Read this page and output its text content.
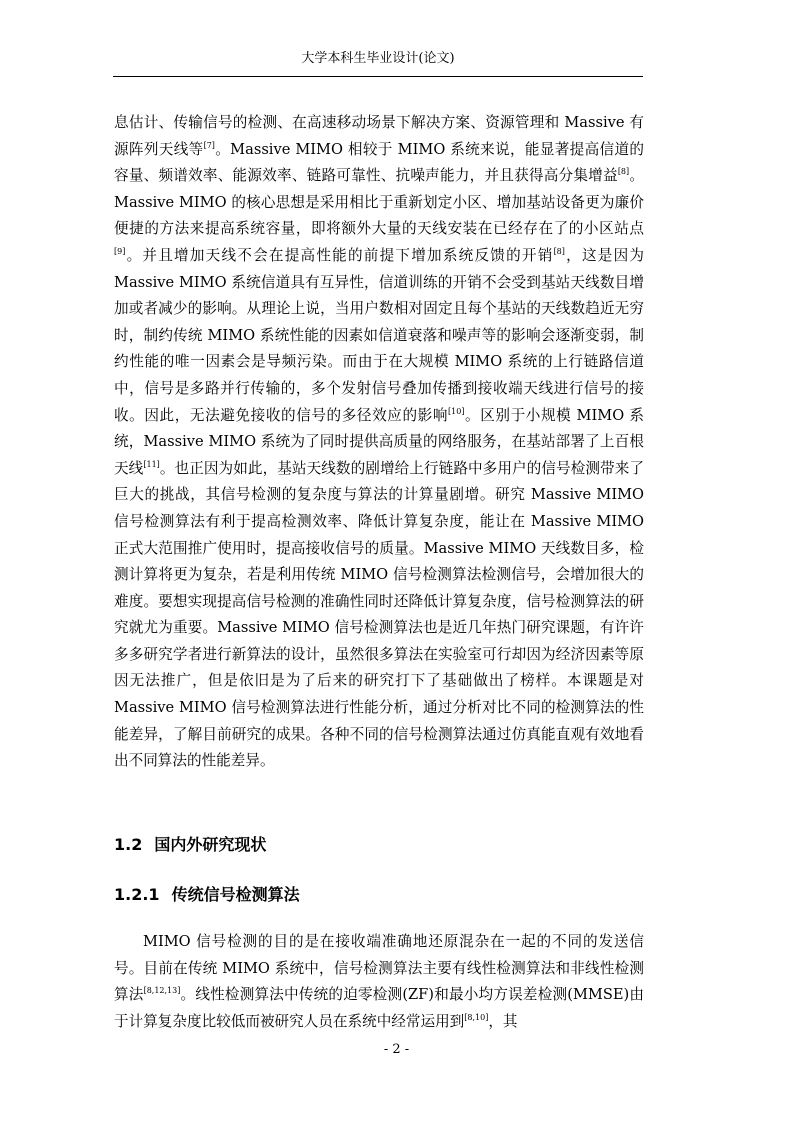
大学本科生毕业设计(论文)

息估计、传输信号的检测、在高速移动场景下解决方案、资源管理和 Massive 有源阵列天线等[7]。Massive MIMO 相较于 MIMO 系统来说，能显著提高信道的容量、频谱效率、能源效率、链路可靠性、抗噪声能力，并且获得高分集增益[8]。Massive MIMO 的核心思想是采用相比于重新划定小区、增加基站设备更为廉价便捷的方法来提高系统容量，即将额外大量的天线安装在已经存在了的小区站点[9]。并且增加天线不会在提高性能的前提下增加系统反馈的开销[8]，这是因为 Massive MIMO 系统信道具有互异性，信道训练的开销不会受到基站天线数目增加或者减少的影响。从理论上说，当用户数相对固定且每个基站的天线数趋近无穷时，制约传统 MIMO 系统性能的因素如信道衰落和噪声等的影响会逐渐变弱，制约性能的唯一因素会是导频污染。而由于在大规模 MIMO 系统的上行链路信道中，信号是多路并行传输的，多个发射信号叠加传播到接收端天线进行信号的接收。因此，无法避免接收的信号的多径效应的影响[10]。区别于小规模 MIMO 系统，Massive MIMO 系统为了同时提供高质量的网络服务，在基站部署了上百根天线[11]。也正因为如此，基站天线数的剧增给上行链路中多用户的信号检测带来了巨大的挑战，其信号检测的复杂度与算法的计算量剧增。研究 Massive MIMO 信号检测算法有利于提高检测效率、降低计算复杂度，能让在 Massive MIMO 正式大范围推广使用时，提高接收信号的质量。Massive MIMO 天线数目多，检测计算将更为复杂，若是利用传统 MIMO 信号检测算法检测信号，会增加很大的难度。要想实现提高信号检测的准确性同时还降低计算复杂度，信号检测算法的研究就尤为重要。Massive MIMO 信号检测算法也是近几年热门研究课题，有许许多多研究学者进行新算法的设计，虽然很多算法在实验室可行却因为经济因素等原因无法推广，但是依旧是为了后来的研究打下了基础做出了榜样。本课题是对 Massive MIMO 信号检测算法进行性能分析，通过分析对比不同的检测算法的性能差异，了解目前研究的成果。各种不同的信号检测算法通过仿真能直观有效地看出不同算法的性能差异。

1.2 国内外研究现状
1.2.1 传统信号检测算法

MIMO 信号检测的目的是在接收端准确地还原混杂在一起的不同的发送信号。目前在传统 MIMO 系统中，信号检测算法主要有线性检测算法和非线性检测算法[8,12,13]。线性检测算法中传统的迫零检测(ZF)和最小均方误差检测(MMSE)由于计算复杂度比较低而被研究人员在系统中经常运用到[8,10]，其

- 2 -
